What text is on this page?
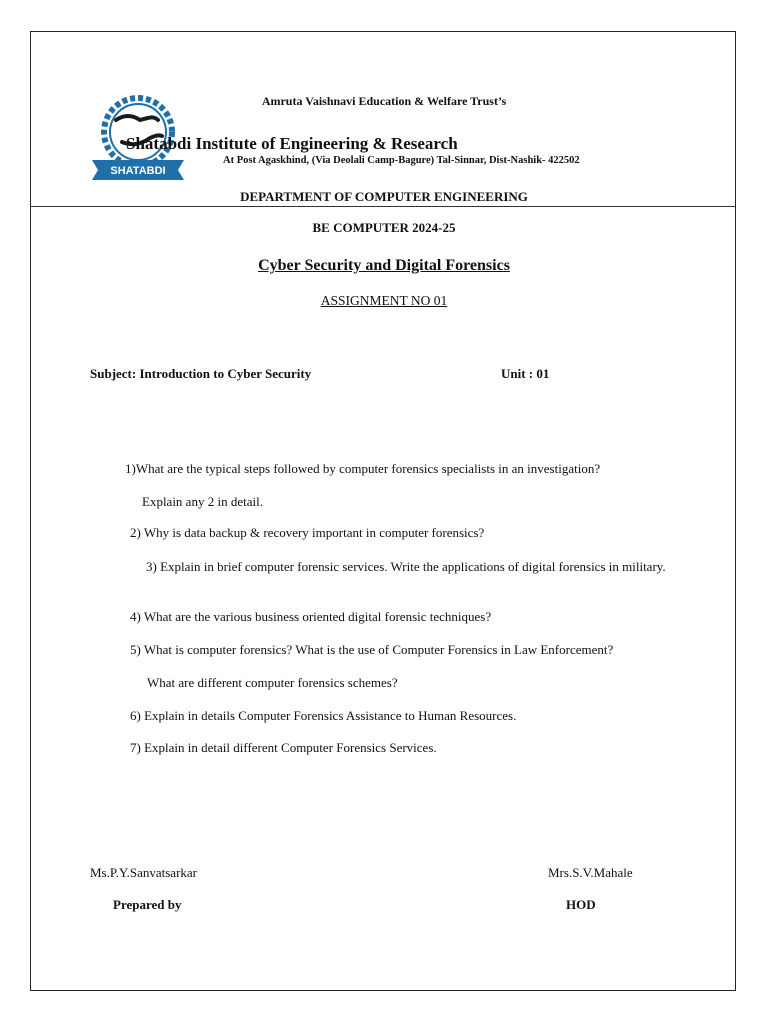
SHATABDI
Amruta Vaishnavi Education & Welfare Trust’s
Shatabdi Institute of Engineering & Research
At Post Agaskhind, (Via Deolali Camp-Bagure) Tal-Sinnar, Dist-Nashik- 422502
DEPARTMENT OF COMPUTER ENGINEERING
BE COMPUTER 2024-25
Cyber Security and Digital Forensics
ASSIGNMENT NO 01
Subject: Introduction to Cyber Security	Unit : 01
1)What are the typical steps followed by computer forensics specialists in an investigation?
Explain any 2 in detail.
2) Why is data backup & recovery important in computer forensics?
3) Explain in brief computer forensic services. Write the applications of digital forensics in military.
4) What are the various business oriented digital forensic techniques?
5) What is computer forensics? What is the use of Computer Forensics in Law Enforcement?
What are different computer forensics schemes?
6) Explain in details Computer Forensics Assistance to Human Resources.
7) Explain in detail different Computer Forensics Services.
Ms.P.Y.Sanvatsarkar
Prepared by
Mrs.S.V.Mahale
HOD
